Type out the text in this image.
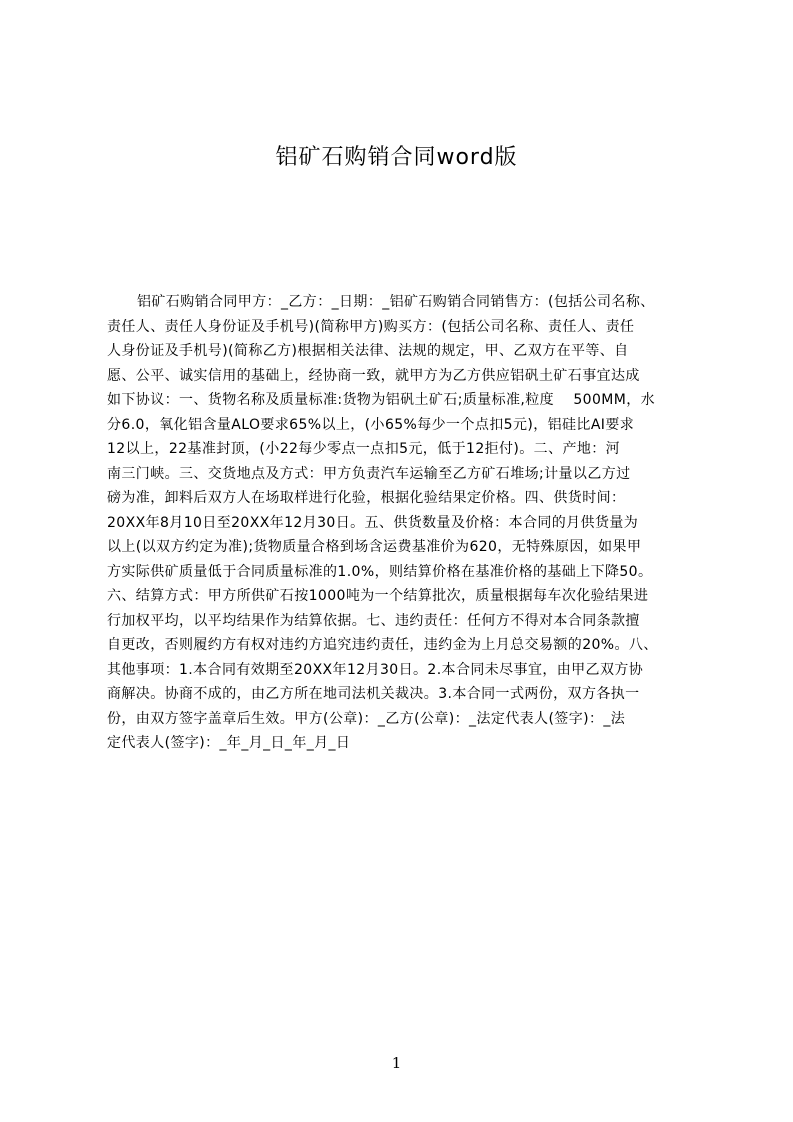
铝矿石购销合同word版
铝矿石购销合同甲方：_乙方：_日期：_铝矿石购销合同销售方：(包括公司名称、
责任人、责任人身份证及手机号)(简称甲方)购买方：(包括公司名称、责任人、责任
人身份证及手机号)(简称乙方)根据相关法律、法规的规定，甲、乙双方在平等、自
愿、公平、诚实信用的基础上，经协商一致，就甲方为乙方供应铝矾土矿石事宜达成
如下协议：一、货物名称及质量标准:货物为铝矾土矿石;质量标准,粒度　 500MM，水
分6.0，氧化铝含量ALO要求65%以上，(小65%每少一个点扣5元)，铝硅比AI要求
12以上，22基准封顶，(小22每少零点一点扣5元，低于12拒付)。二、产地：河
南三门峡。三、交货地点及方式：甲方负责汽车运输至乙方矿石堆场;计量以乙方过
磅为准，卸料后双方人在场取样进行化验，根据化验结果定价格。四、供货时间：
20XX年8月10日至20XX年12月30日。五、供货数量及价格：本合同的月供货量为
以上(以双方约定为准);货物质量合格到场含运费基准价为620，无特殊原因，如果甲
方实际供矿质量低于合同质量标准的1.0%，则结算价格在基准价格的基础上下降50。
六、结算方式：甲方所供矿石按1000吨为一个结算批次，质量根据每车次化验结果进
行加权平均，以平均结果作为结算依据。七、违约责任：任何方不得对本合同条款擅
自更改，否则履约方有权对违约方追究违约责任，违约金为上月总交易额的20%。八、
其他事项：1.本合同有效期至20XX年12月30日。2.本合同未尽事宜，由甲乙双方协
商解决。协商不成的，由乙方所在地司法机关裁决。3.本合同一式两份，双方各执一
份，由双方签字盖章后生效。甲方(公章)：_乙方(公章)：_法定代表人(签字)：_法
定代表人(签字)：_年_月_日_年_月_日
1
